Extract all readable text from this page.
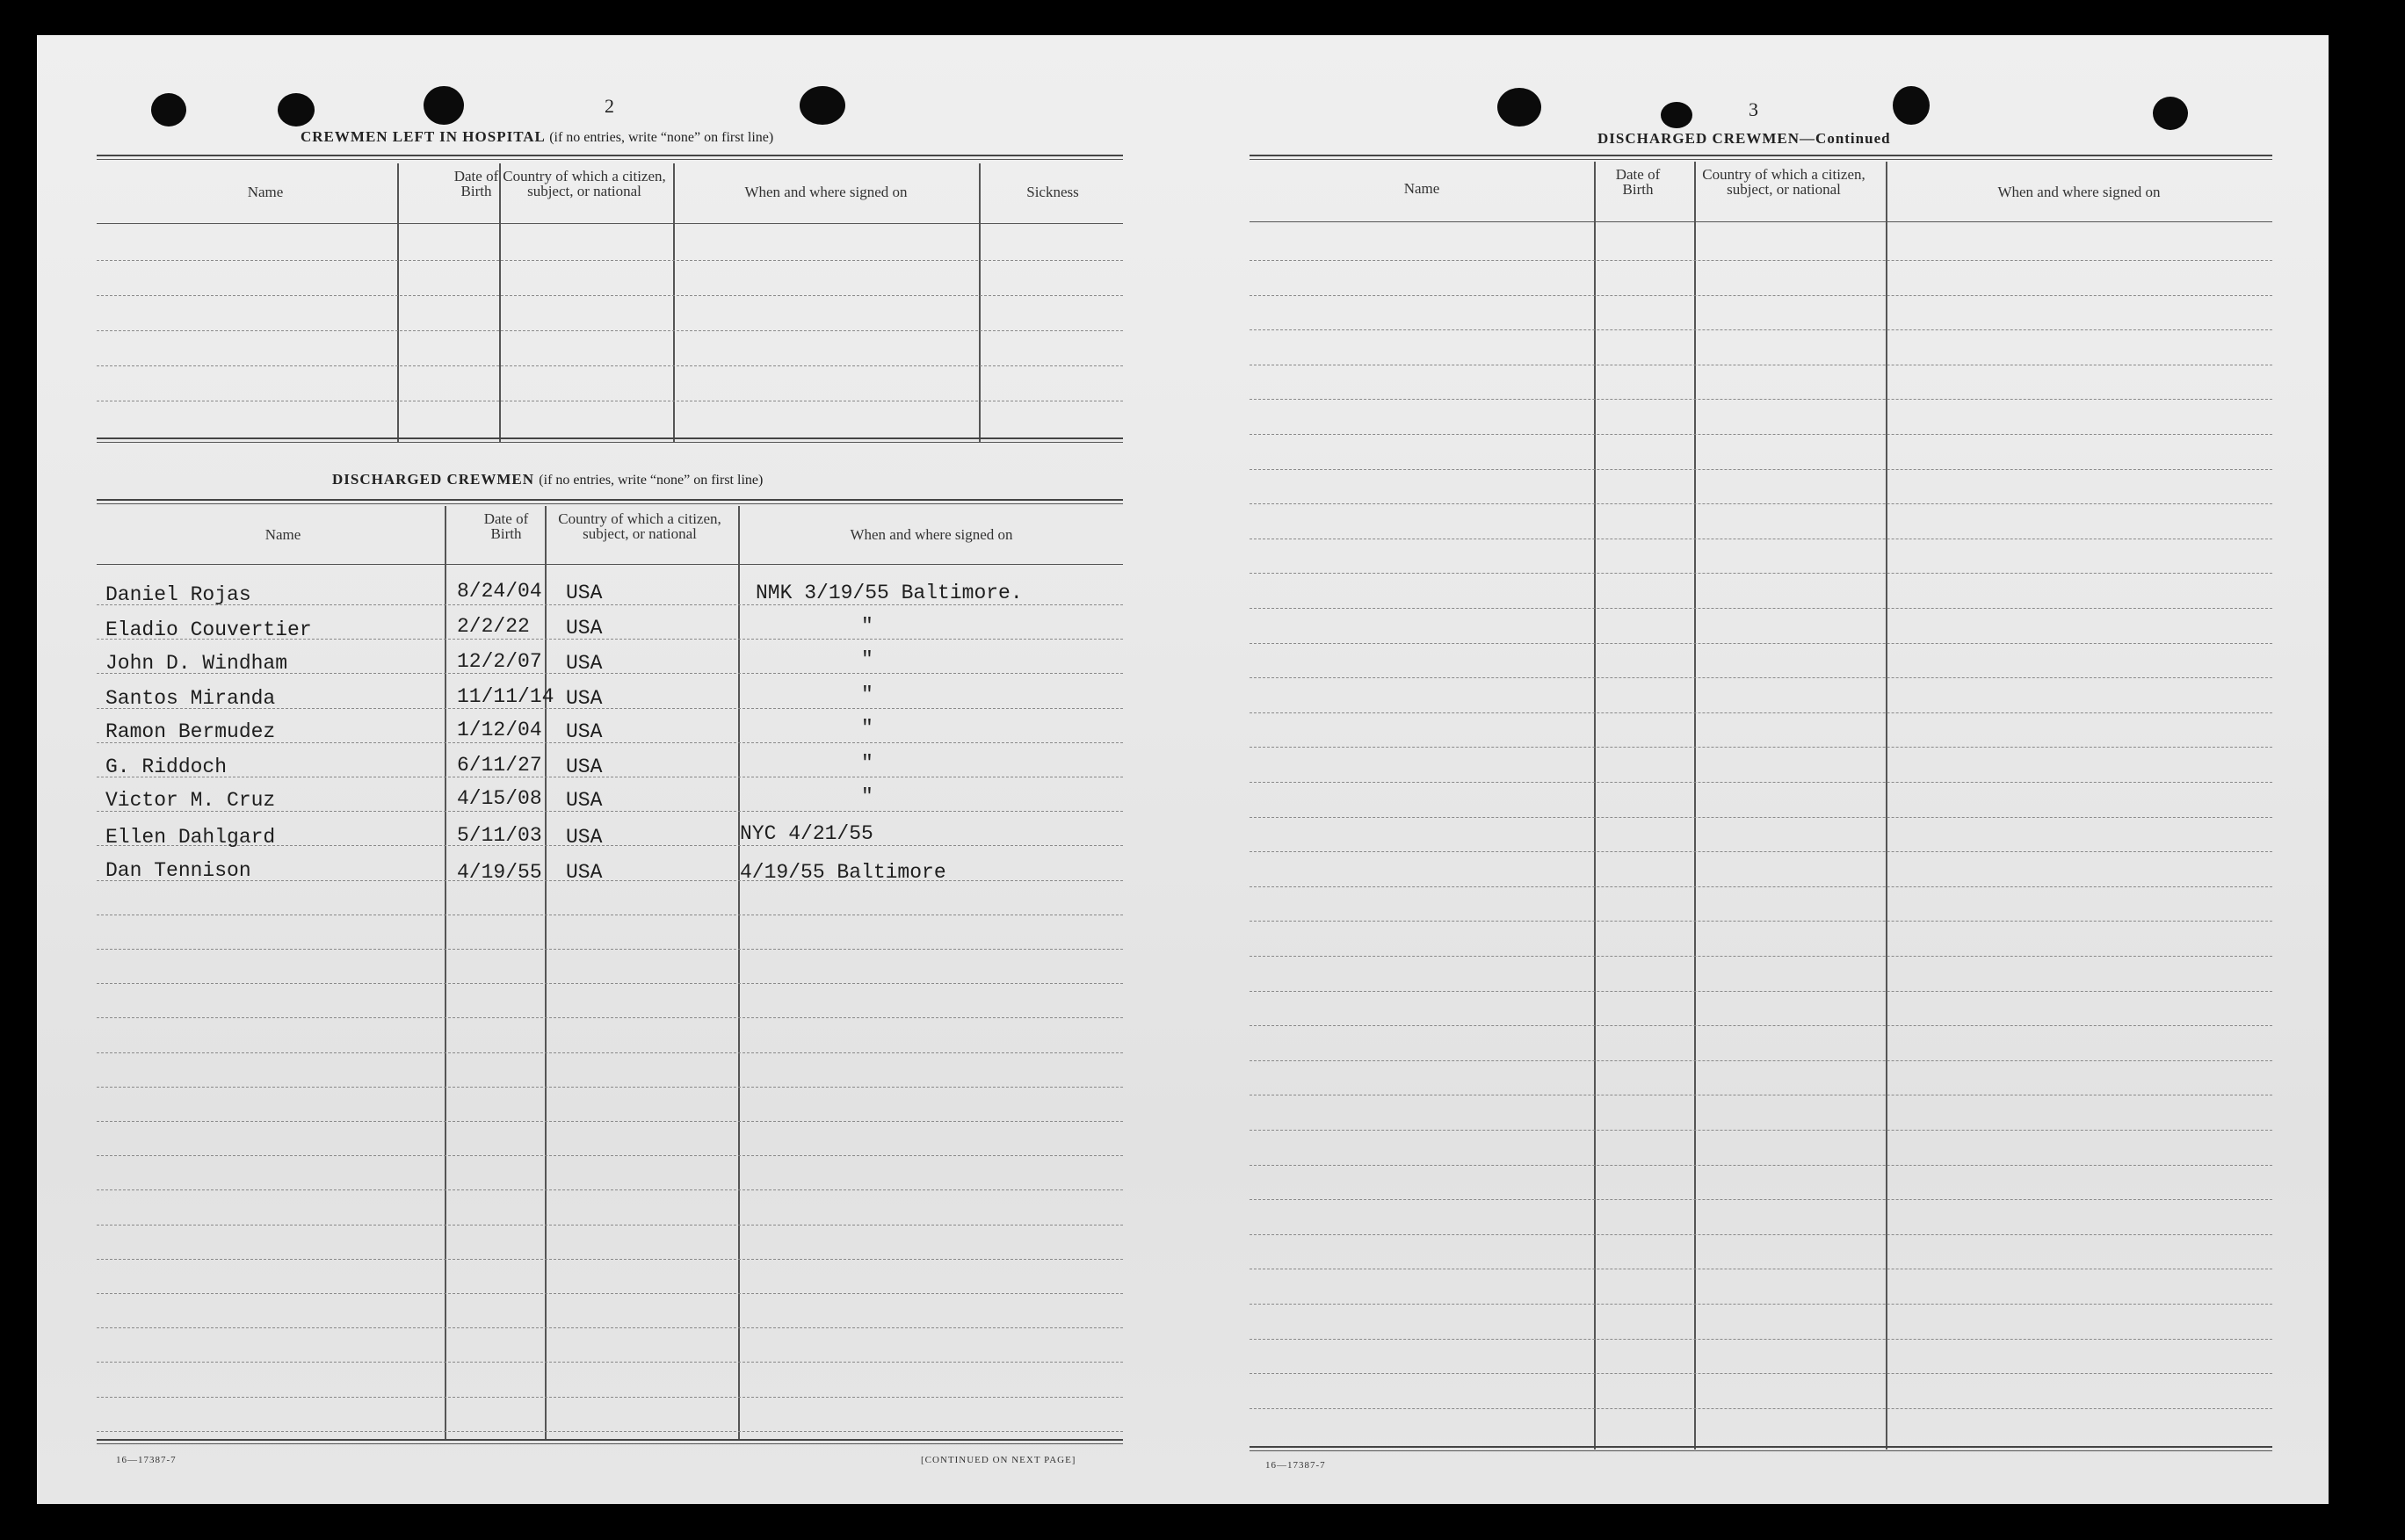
2
CREWMEN LEFT IN HOSPITAL (if no entries, write “none” on first line)
Name
Date of Birth
Country of which a citizen, subject, or national	When and where signed on	Sickness
DISCHARGED CREWMEN (if no entries, write “none” on first line)
Name
Date of Birth
Country of which a citizen, subject, or national	When and where signed on
Daniel Rojas	8/24/04 USA	NMK 3/19/55 Baltimore.
Eladio Couvertier	2/2/22 USA	"
John D. Windham	12/2/07 USA	"
Santos Miranda	11/11/14 USA	"
Ramon Bermudez	1/12/04 USA	"
G. Riddoch	6/11/27 USA	"
Victor M. Cruz	4/15/08 USA	"
Ellen Dahlgard	5/11/03 USA	NYC 4/21/55
Dan Tennison	4/19/55 USA	4/19/55 Baltimore
16—17387-7	[CONTINUED ON NEXT PAGE]
3
DISCHARGED CREWMEN—Continued
Name
Date of Birth
Country of which a citizen, subject, or national	When and where signed on
16—17387-7
